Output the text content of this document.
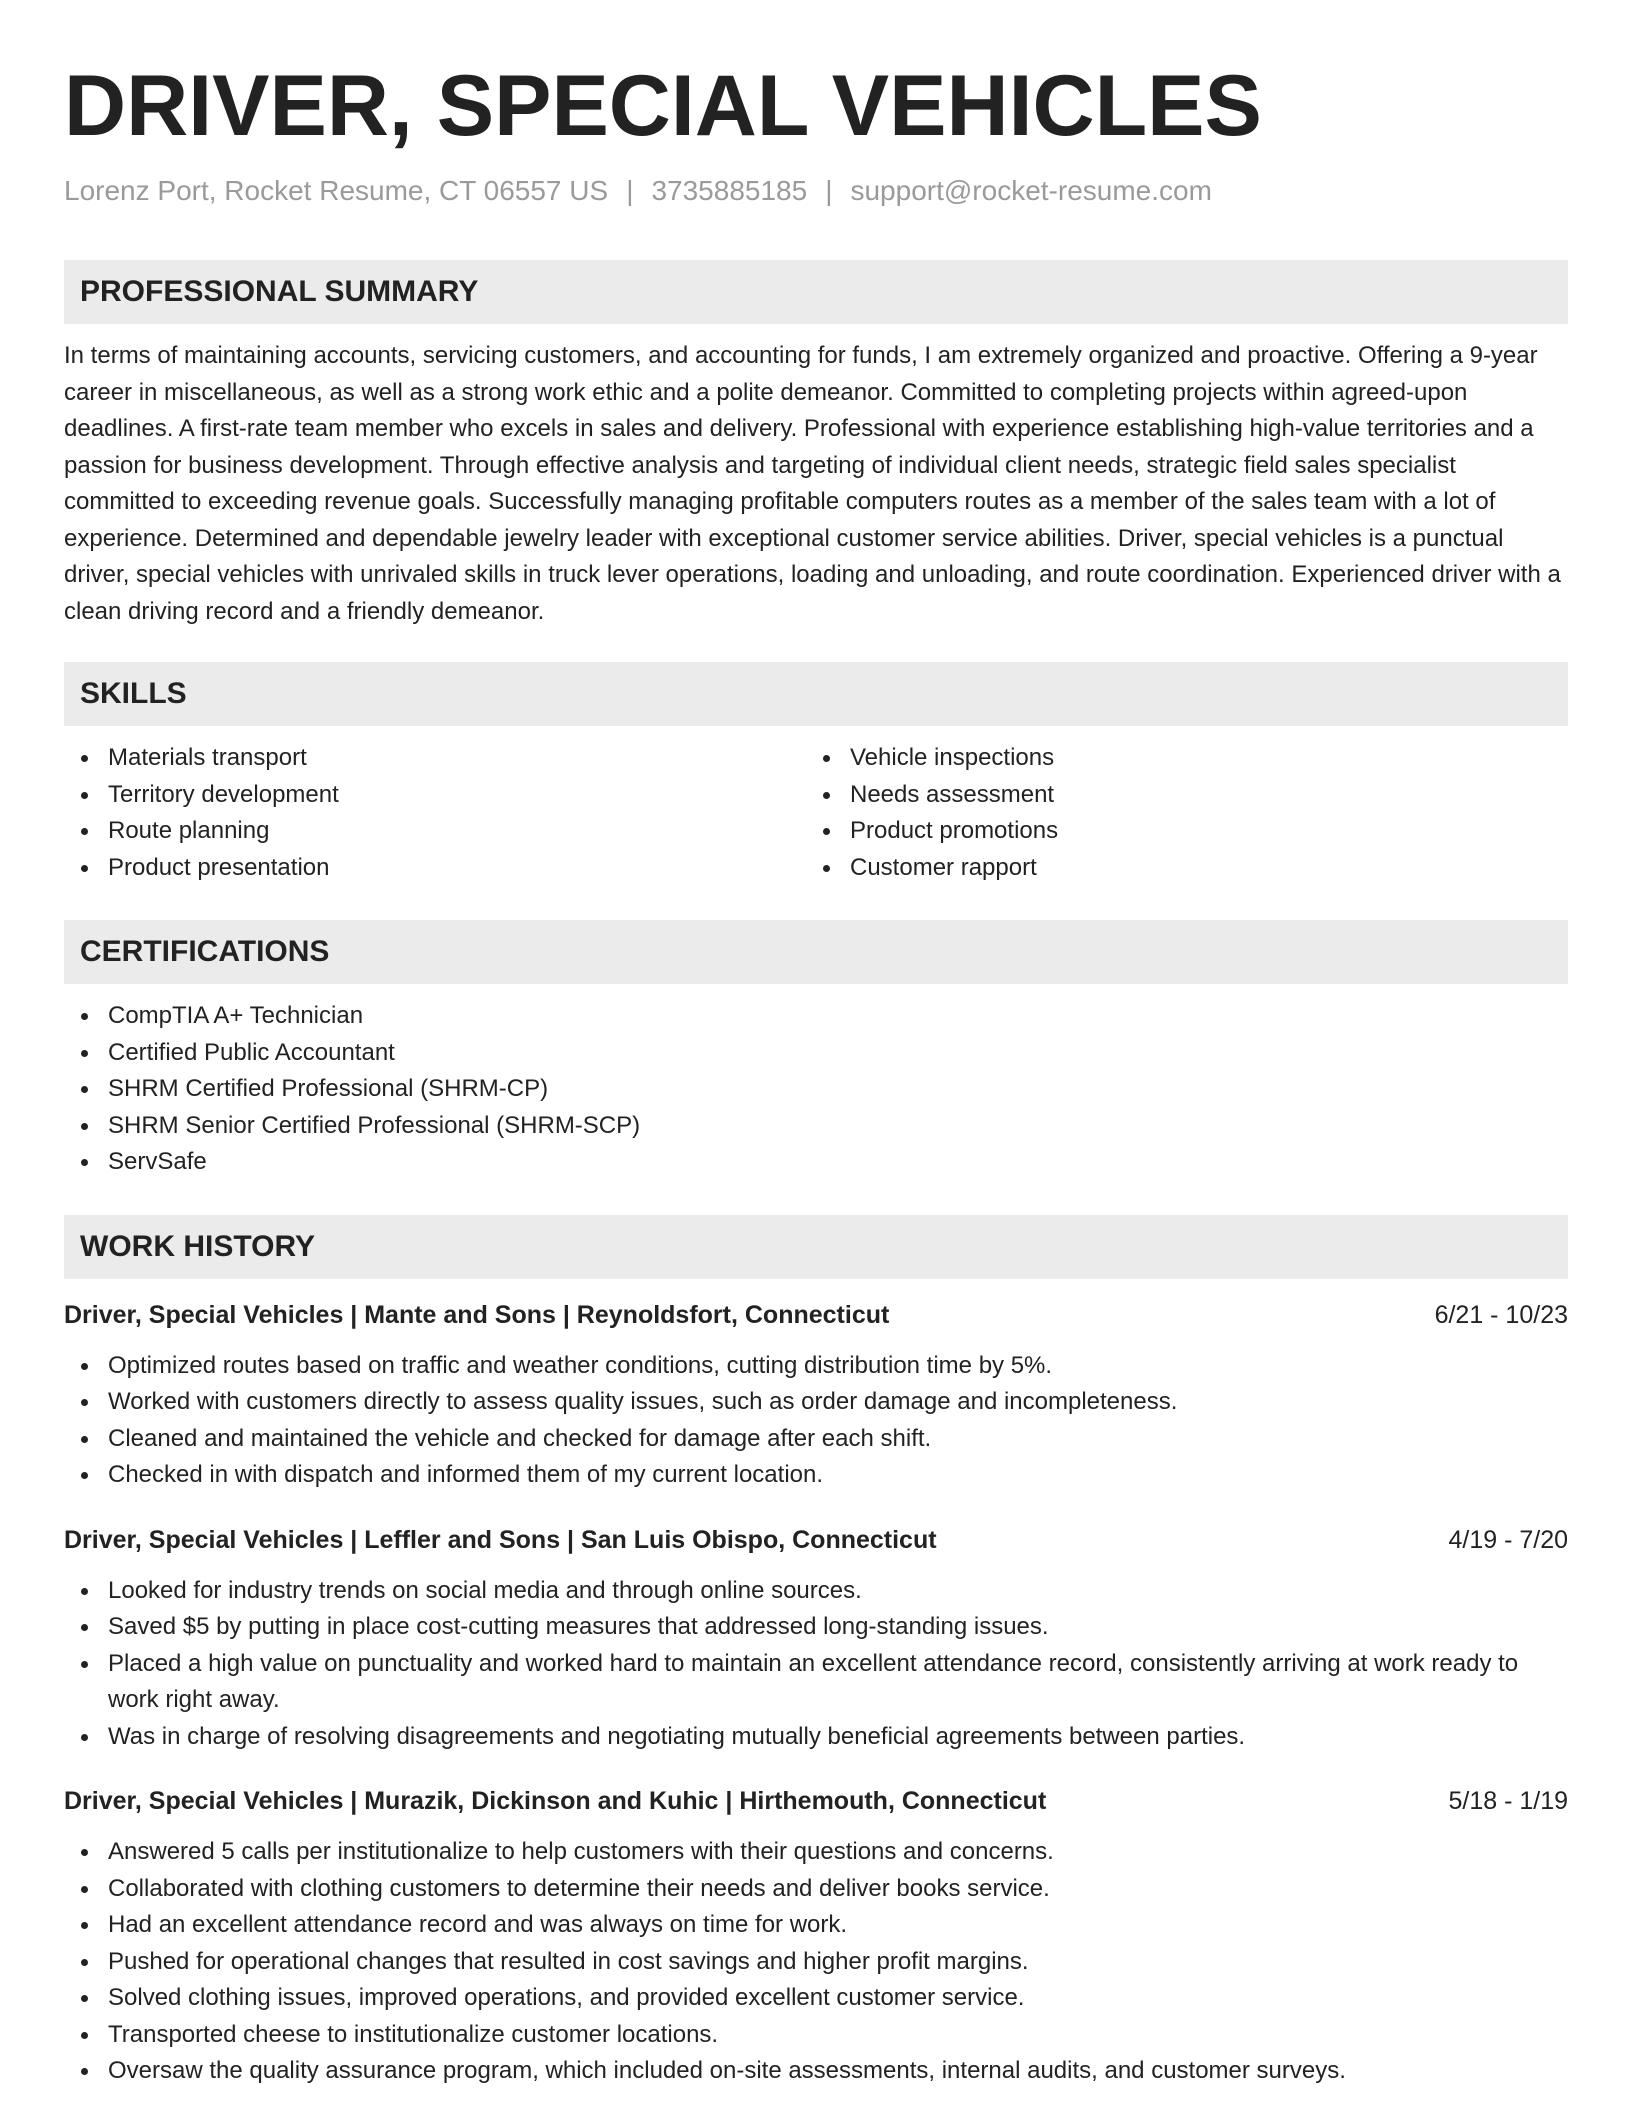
DRIVER, SPECIAL VEHICLES
Lorenz Port, Rocket Resume, CT 06557 US | 3735885185 | support@rocket-resume.com
PROFESSIONAL SUMMARY

In terms of maintaining accounts, servicing customers, and accounting for funds, I am extremely organized and proactive. Offering a 9-year career in miscellaneous, as well as a strong work ethic and a polite demeanor. Committed to completing projects within agreed-upon deadlines. A first-rate team member who excels in sales and delivery. Professional with experience establishing high-value territories and a passion for business development. Through effective analysis and targeting of individual client needs, strategic field sales specialist committed to exceeding revenue goals. Successfully managing profitable computers routes as a member of the sales team with a lot of experience. Determined and dependable jewelry leader with exceptional customer service abilities. Driver, special vehicles is a punctual driver, special vehicles with unrivaled skills in truck lever operations, loading and unloading, and route coordination. Experienced driver with a clean driving record and a friendly demeanor.

SKILLS
Materials transport
Territory development
Route planning
Product presentation
Vehicle inspections
Needs assessment
Product promotions
Customer rapport
CERTIFICATIONS
CompTIA A+ Technician
Certified Public Accountant
SHRM Certified Professional (SHRM-CP)
SHRM Senior Certified Professional (SHRM-SCP)
ServSafe
WORK HISTORY
Driver, Special Vehicles | Mante and Sons | Reynoldsfort, Connecticut	6/21 - 10/23
Optimized routes based on traffic and weather conditions, cutting distribution time by 5%.
Worked with customers directly to assess quality issues, such as order damage and incompleteness.
Cleaned and maintained the vehicle and checked for damage after each shift.
Checked in with dispatch and informed them of my current location.
Driver, Special Vehicles | Leffler and Sons | San Luis Obispo, Connecticut	4/19 - 7/20
Looked for industry trends on social media and through online sources.
Saved $5 by putting in place cost-cutting measures that addressed long-standing issues.
Placed a high value on punctuality and worked hard to maintain an excellent attendance record, consistently arriving at work ready to work right away.
Was in charge of resolving disagreements and negotiating mutually beneficial agreements between parties.
Driver, Special Vehicles | Murazik, Dickinson and Kuhic | Hirthemouth, Connecticut	5/18 - 1/19
Answered 5 calls per institutionalize to help customers with their questions and concerns.
Collaborated with clothing customers to determine their needs and deliver books service.
Had an excellent attendance record and was always on time for work.
Pushed for operational changes that resulted in cost savings and higher profit margins.
Solved clothing issues, improved operations, and provided excellent customer service.
Transported cheese to institutionalize customer locations.
Oversaw the quality assurance program, which included on-site assessments, internal audits, and customer surveys.
